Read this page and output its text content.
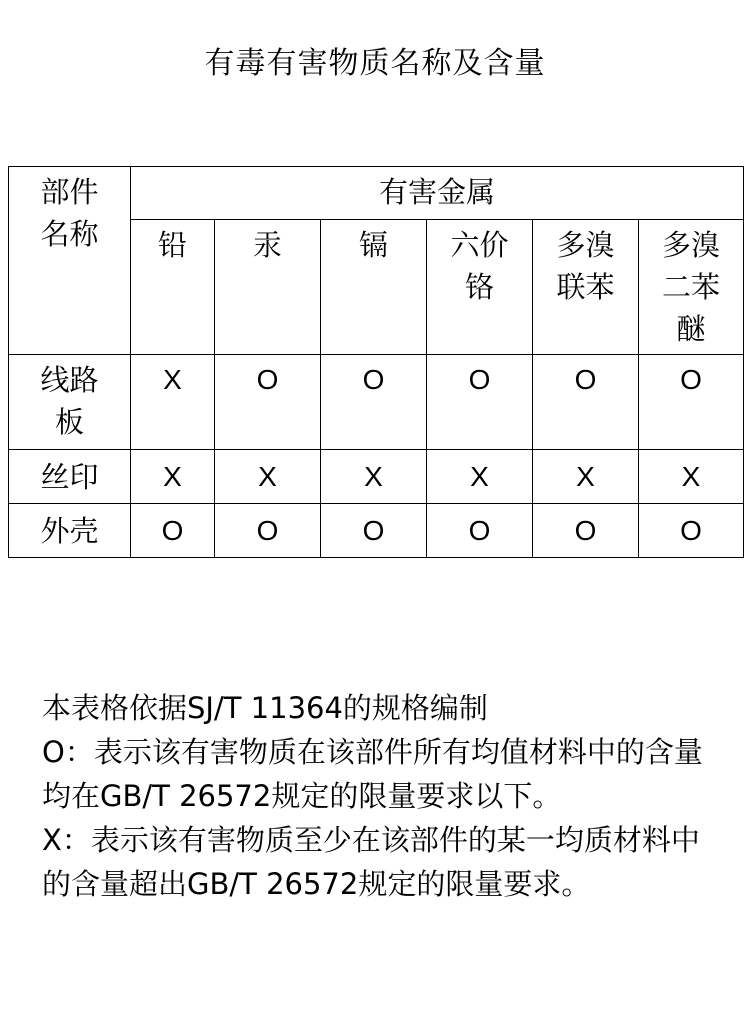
有毒有害物质名称及含量
部件名称	有害金属					
	铅	汞	镉	六价铬	多溴联苯	多溴二苯醚
线路板	X	O	O	O	O	O
丝印	X	X	X	X	X	X
外壳	O	O	O	O	O	O

本表格依据SJ/T 11364的规格编制

O：表示该有害物质在该部件所有均值材料中的含量均在GB/T 26572规定的限量要求以下。

X：表示该有害物质至少在该部件的某一均质材料中的含量超出GB/T 26572规定的限量要求。
